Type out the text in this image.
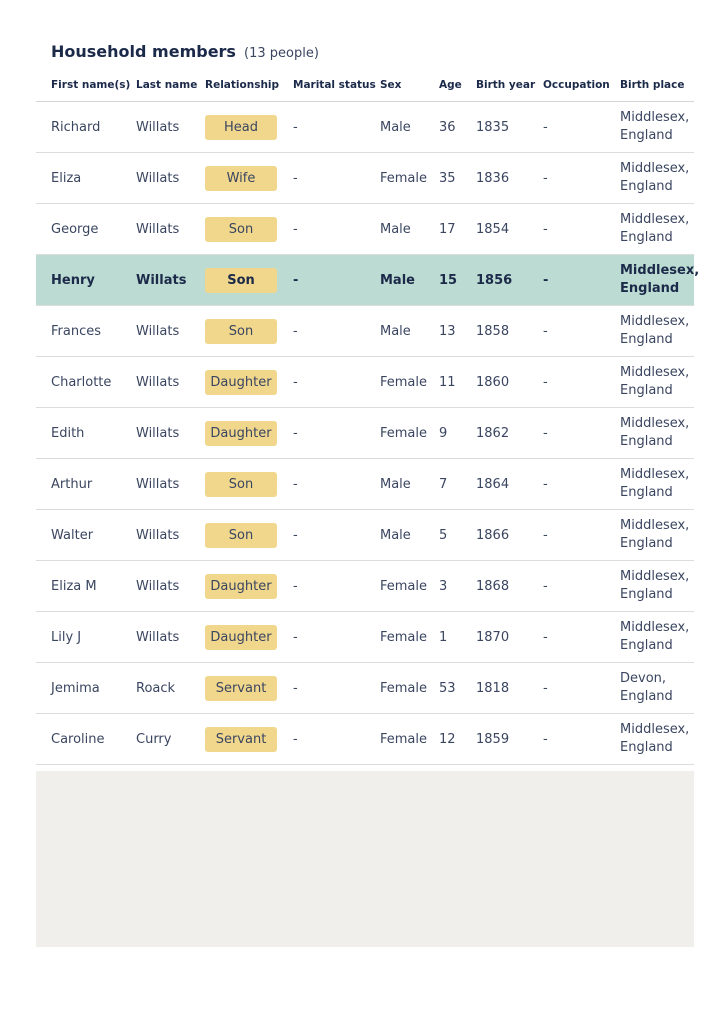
Household members (13 people)
First name(s)	Last name	Relationship	Marital status	Sex	Age	Birth year	Occupation	Birth place
Richard	Willats	Head	-	Male	36	1835	-	Middlesex, England
Eliza	Willats	Wife	-	Female	35	1836	-	Middlesex, England
George	Willats	Son	-	Male	17	1854	-	Middlesex, England
Henry	Willats	Son	-	Male	15	1856	-	Middlesex, England
Frances	Willats	Son	-	Male	13	1858	-	Middlesex, England
Charlotte	Willats	Daughter	-	Female	11	1860	-	Middlesex, England
Edith	Willats	Daughter	-	Female	9	1862	-	Middlesex, England
Arthur	Willats	Son	-	Male	7	1864	-	Middlesex, England
Walter	Willats	Son	-	Male	5	1866	-	Middlesex, England
Eliza M	Willats	Daughter	-	Female	3	1868	-	Middlesex, England
Lily J	Willats	Daughter	-	Female	1	1870	-	Middlesex, England
Jemima	Roack	Servant	-	Female	53	1818	-	Devon, England
Caroline	Curry	Servant	-	Female	12	1859	-	Middlesex, England
